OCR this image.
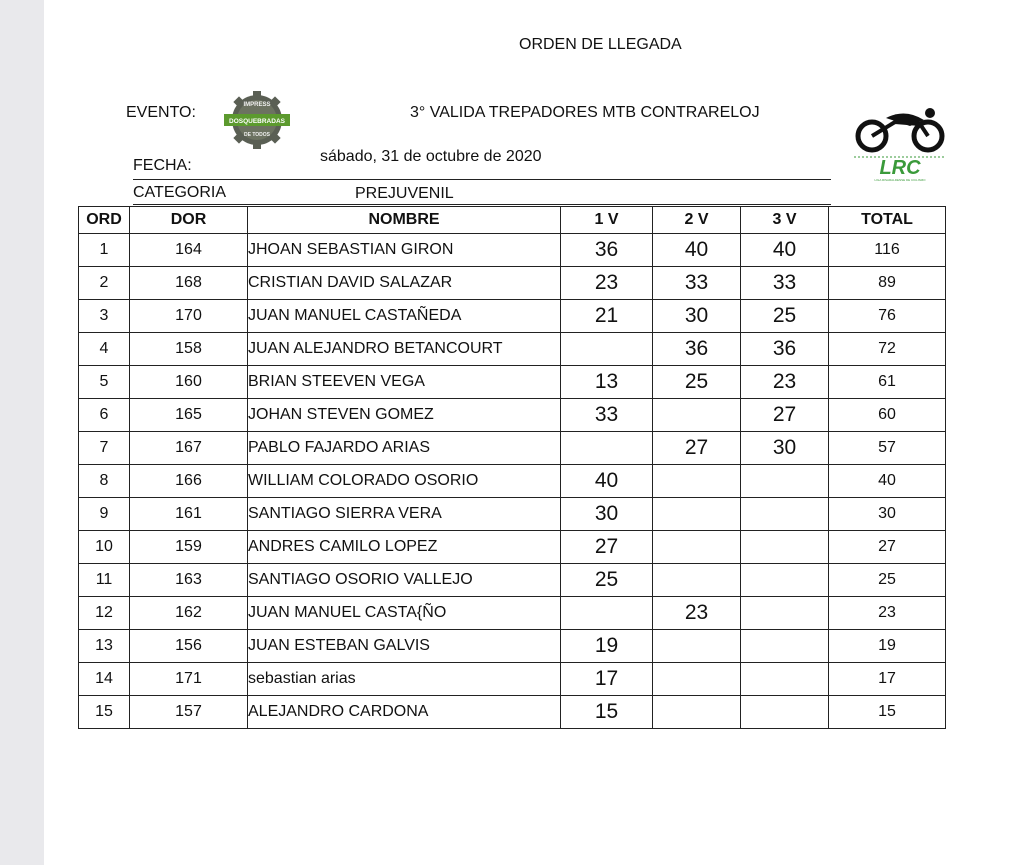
ORDEN DE LLEGADA
EVENTO:
DOSQUEBRADAS
IMPRESS
DE TODOS
3° VALIDA TREPADORES MTB CONTRARELOJ
FECHA:
sábado, 31 de octubre de 2020
CATEGORIA	PREJUVENIL
LRC
LIGA RISARALDENSE DE CICLISMO
ORD	DOR	NOMBRE	1 V	2 V	3 V	TOTAL
1	164	JHOAN SEBASTIAN GIRON	36	40	40	116
2	168	CRISTIAN DAVID SALAZAR	23	33	33	89
3	170	JUAN MANUEL CASTAÑEDA	21	30	25	76
4	158	JUAN ALEJANDRO BETANCOURT		36	36	72
5	160	BRIAN STEEVEN VEGA	13	25	23	61
6	165	JOHAN STEVEN GOMEZ	33		27	60
7	167	PABLO FAJARDO ARIAS		27	30	57
8	166	WILLIAM COLORADO OSORIO	40			40
9	161	SANTIAGO SIERRA VERA	30			30
10	159	ANDRES CAMILO LOPEZ	27			27
11	163	SANTIAGO OSORIO VALLEJO	25			25
12	162	JUAN MANUEL CASTA{ÑO		23		23
13	156	JUAN ESTEBAN GALVIS	19			19
14	171	sebastian arias	17			17
15	157	ALEJANDRO CARDONA	15			15
